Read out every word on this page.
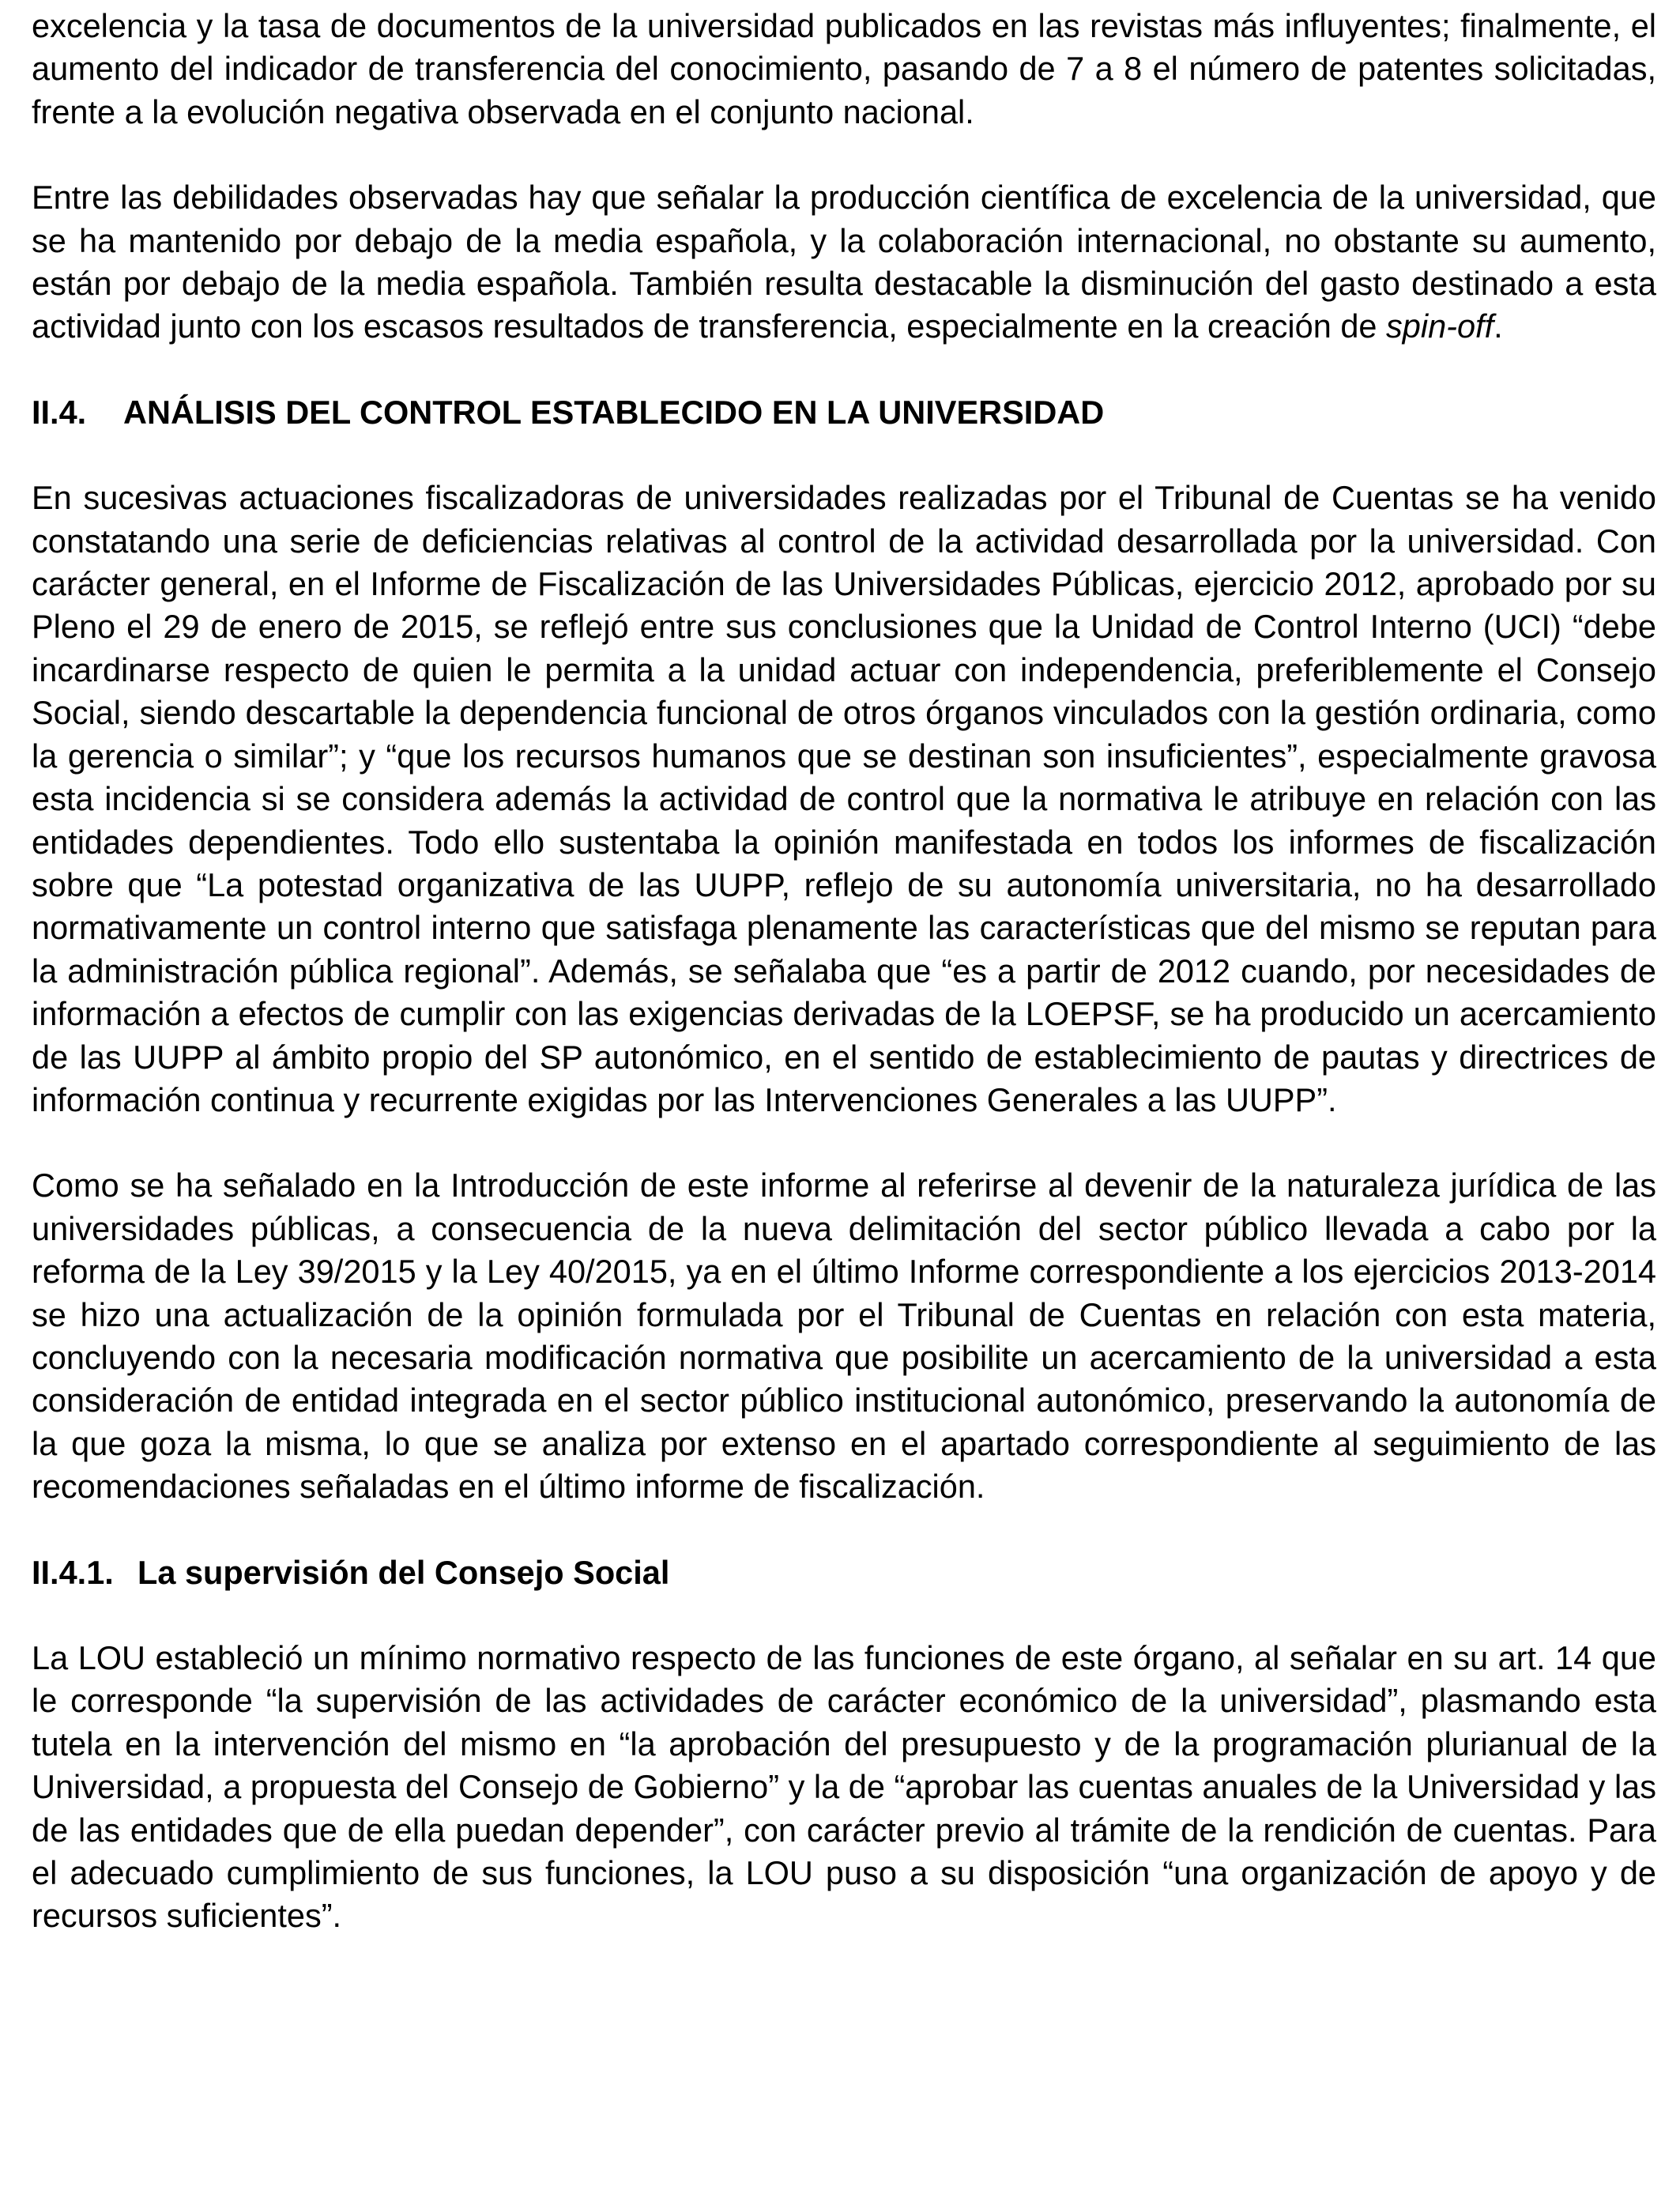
excelencia y la tasa de documentos de la universidad publicados en las revistas más influyentes; finalmente, el aumento del indicador de transferencia del conocimiento, pasando de 7 a 8 el número de patentes solicitadas, frente a la evolución negativa observada en el conjunto nacional.

Entre las debilidades observadas hay que señalar la producción científica de excelencia de la universidad, que se ha mantenido por debajo de la media española, y la colaboración internacional, no obstante su aumento, están por debajo de la media española. También resulta destacable la disminución del gasto destinado a esta actividad junto con los escasos resultados de transferencia, especialmente en la creación de spin-off.

II.4. ANÁLISIS DEL CONTROL ESTABLECIDO EN LA UNIVERSIDAD

En sucesivas actuaciones fiscalizadoras de universidades realizadas por el Tribunal de Cuentas se ha venido constatando una serie de deficiencias relativas al control de la actividad desarrollada por la universidad. Con carácter general, en el Informe de Fiscalización de las Universidades Públicas, ejercicio 2012, aprobado por su Pleno el 29 de enero de 2015, se reflejó entre sus conclusiones que la Unidad de Control Interno (UCI) “debe incardinarse respecto de quien le permita a la unidad actuar con independencia, preferiblemente el Consejo Social, siendo descartable la dependencia funcional de otros órganos vinculados con la gestión ordinaria, como la gerencia o similar”; y “que los recursos humanos que se destinan son insuficientes”, especialmente gravosa esta incidencia si se considera además la actividad de control que la normativa le atribuye en relación con las entidades dependientes. Todo ello sustentaba la opinión manifestada en todos los informes de fiscalización sobre que “La potestad organizativa de las UUPP, reflejo de su autonomía universitaria, no ha desarrollado normativamente un control interno que satisfaga plenamente las características que del mismo se reputan para la administración pública regional”. Además, se señalaba que “es a partir de 2012 cuando, por necesidades de información a efectos de cumplir con las exigencias derivadas de la LOEPSF, se ha producido un acercamiento de las UUPP al ámbito propio del SP autonómico, en el sentido de establecimiento de pautas y directrices de información continua y recurrente exigidas por las Intervenciones Generales a las UUPP”.

Como se ha señalado en la Introducción de este informe al referirse al devenir de la naturaleza jurídica de las universidades públicas, a consecuencia de la nueva delimitación del sector público llevada a cabo por la reforma de la Ley 39/2015 y la Ley 40/2015, ya en el último Informe correspondiente a los ejercicios 2013-2014 se hizo una actualización de la opinión formulada por el Tribunal de Cuentas en relación con esta materia, concluyendo con la necesaria modificación normativa que posibilite un acercamiento de la universidad a esta consideración de entidad integrada en el sector público institucional autonómico, preservando la autonomía de la que goza la misma, lo que se analiza por extenso en el apartado correspondiente al seguimiento de las recomendaciones señaladas en el último informe de fiscalización.

II.4.1. La supervisión del Consejo Social

La LOU estableció un mínimo normativo respecto de las funciones de este órgano, al señalar en su art. 14 que le corresponde “la supervisión de las actividades de carácter económico de la universidad”, plasmando esta tutela en la intervención del mismo en “la aprobación del presupuesto y de la programación plurianual de la Universidad, a propuesta del Consejo de Gobierno” y la de “aprobar las cuentas anuales de la Universidad y las de las entidades que de ella puedan depender”, con carácter previo al trámite de la rendición de cuentas. Para el adecuado cumplimiento de sus funciones, la LOU puso a su disposición “una organización de apoyo y de recursos suficientes”.
